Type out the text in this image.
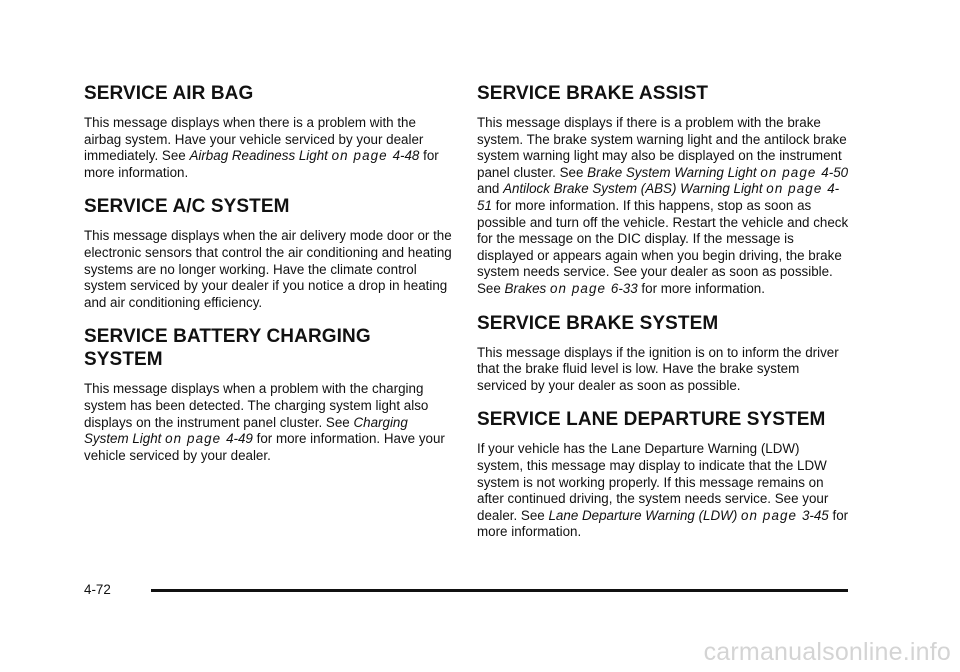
SERVICE AIR BAG

This message displays when there is a problem with the airbag system. Have your vehicle serviced by your dealer immediately. See Airbag Readiness Light on page 4-48 for more information.

SERVICE A/C SYSTEM

This message displays when the air delivery mode door or the electronic sensors that control the air conditioning and heating systems are no longer working. Have the climate control system serviced by your dealer if you notice a drop in heating and air conditioning efficiency.

SERVICE BATTERY CHARGING SYSTEM

This message displays when a problem with the charging system has been detected. The charging system light also displays on the instrument panel cluster. See Charging System Light on page 4-49 for more information. Have your vehicle serviced by your dealer.

SERVICE BRAKE ASSIST

This message displays if there is a problem with the brake system. The brake system warning light and the antilock brake system warning light may also be displayed on the instrument panel cluster. See Brake System Warning Light on page 4-50 and Antilock Brake System (ABS) Warning Light on page 4-51 for more information. If this happens, stop as soon as possible and turn off the vehicle. Restart the vehicle and check for the message on the DIC display. If the message is displayed or appears again when you begin driving, the brake system needs service. See your dealer as soon as possible. See Brakes on page 6-33 for more information.

SERVICE BRAKE SYSTEM

This message displays if the ignition is on to inform the driver that the brake fluid level is low. Have the brake system serviced by your dealer as soon as possible.

SERVICE LANE DEPARTURE SYSTEM

If your vehicle has the Lane Departure Warning (LDW) system, this message may display to indicate that the LDW system is not working properly. If this message remains on after continued driving, the system needs service. See your dealer. See Lane Departure Warning (LDW) on page 3-45 for more information.

4-72
carmanualsonline.info
